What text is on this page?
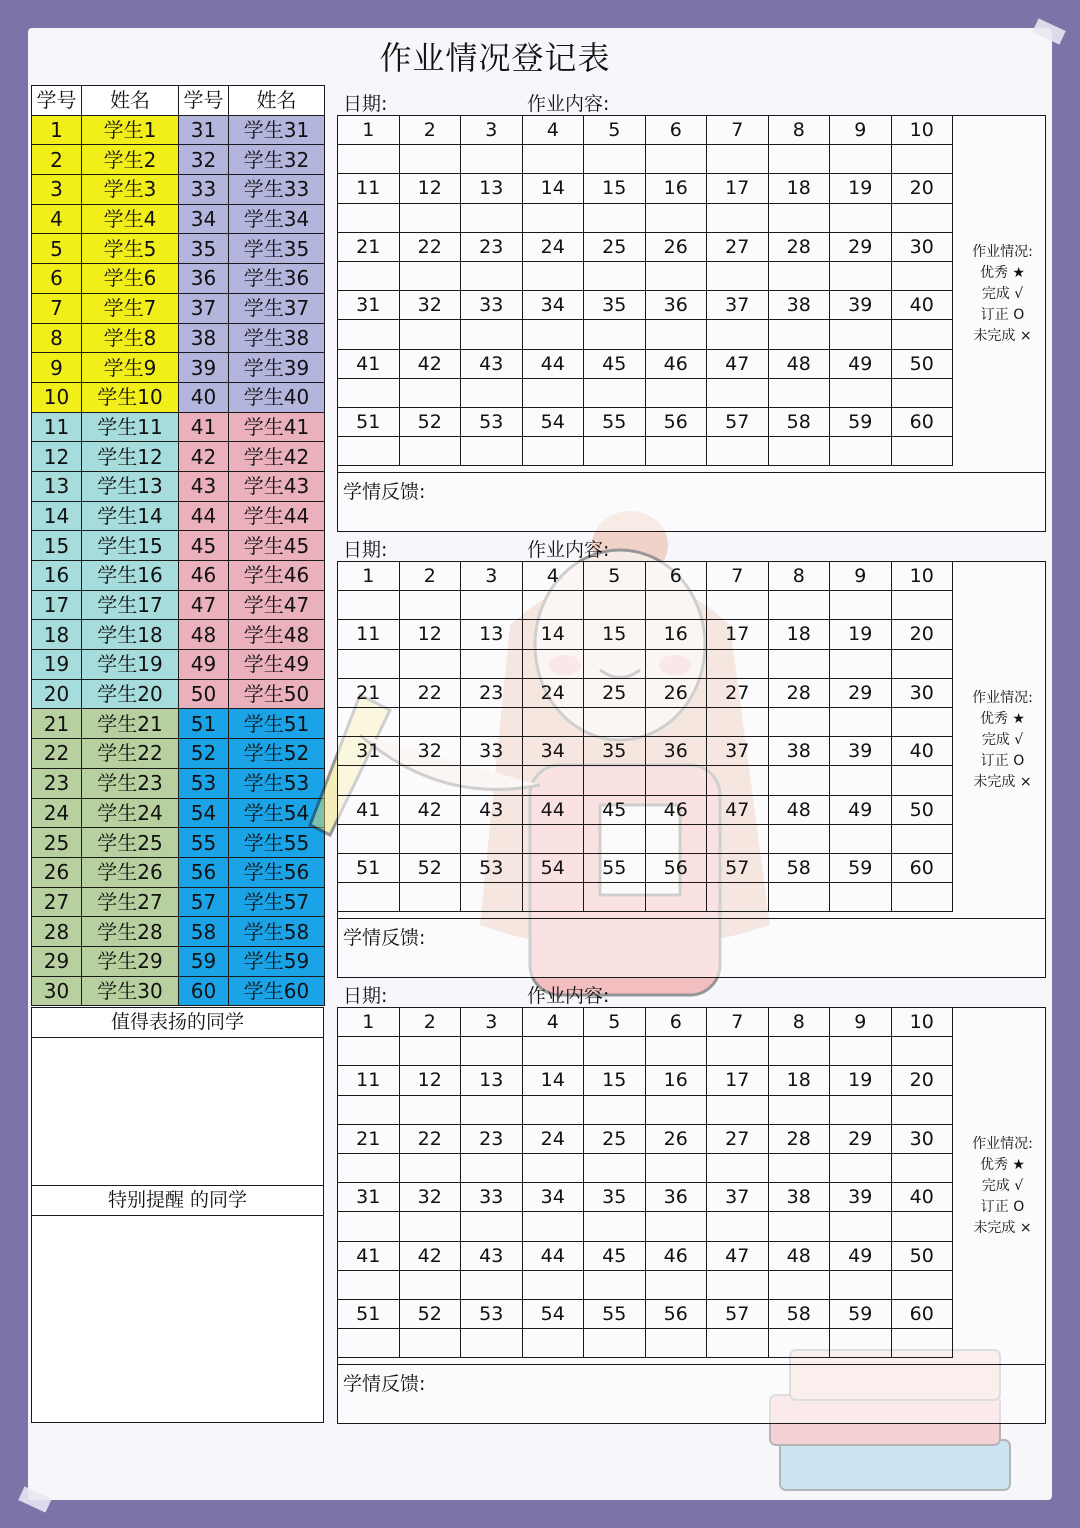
作业情况登记表
学号	姓名	学号	姓名
1	学生1	31	学生31
2	学生2	32	学生32
3	学生3	33	学生33
4	学生4	34	学生34
5	学生5	35	学生35
6	学生6	36	学生36
7	学生7	37	学生37
8	学生8	38	学生38
9	学生9	39	学生39
10	学生10	40	学生40
11	学生11	41	学生41
12	学生12	42	学生42
13	学生13	43	学生43
14	学生14	44	学生44
15	学生15	45	学生45
16	学生16	46	学生46
17	学生17	47	学生47
18	学生18	48	学生48
19	学生19	49	学生49
20	学生20	50	学生50
21	学生21	51	学生51
22	学生22	52	学生52
23	学生23	53	学生53
24	学生24	54	学生54
25	学生25	55	学生55
26	学生26	56	学生56
27	学生27	57	学生57
28	学生28	58	学生58
29	学生29	59	学生59
30	学生30	60	学生60
值得表扬的同学
特别提醒 的同学
日期:	作业内容:
1	2	3	4	5	6	7	8	9	10

11	12	13	14	15	16	17	18	19	20

21	22	23	24	25	26	27	28	29	30

31	32	33	34	35	36	37	38	39	40

41	42	43	44	45	46	47	48	49	50

51	52	53	54	55	56	57	58	59	60

作业情况:
优秀 ★
完成 √
订正 O
未完成 ×
学情反馈:
日期:	作业内容:
1	2	3	4	5	6	7	8	9	10

11	12	13	14	15	16	17	18	19	20

21	22	23	24	25	26	27	28	29	30

31	32	33	34	35	36	37	38	39	40

41	42	43	44	45	46	47	48	49	50

51	52	53	54	55	56	57	58	59	60

作业情况:
优秀 ★
完成 √
订正 O
未完成 ×
学情反馈:
日期:	作业内容:
1	2	3	4	5	6	7	8	9	10

11	12	13	14	15	16	17	18	19	20

21	22	23	24	25	26	27	28	29	30

31	32	33	34	35	36	37	38	39	40

41	42	43	44	45	46	47	48	49	50

51	52	53	54	55	56	57	58	59	60

作业情况:
优秀 ★
完成 √
订正 O
未完成 ×
学情反馈:
